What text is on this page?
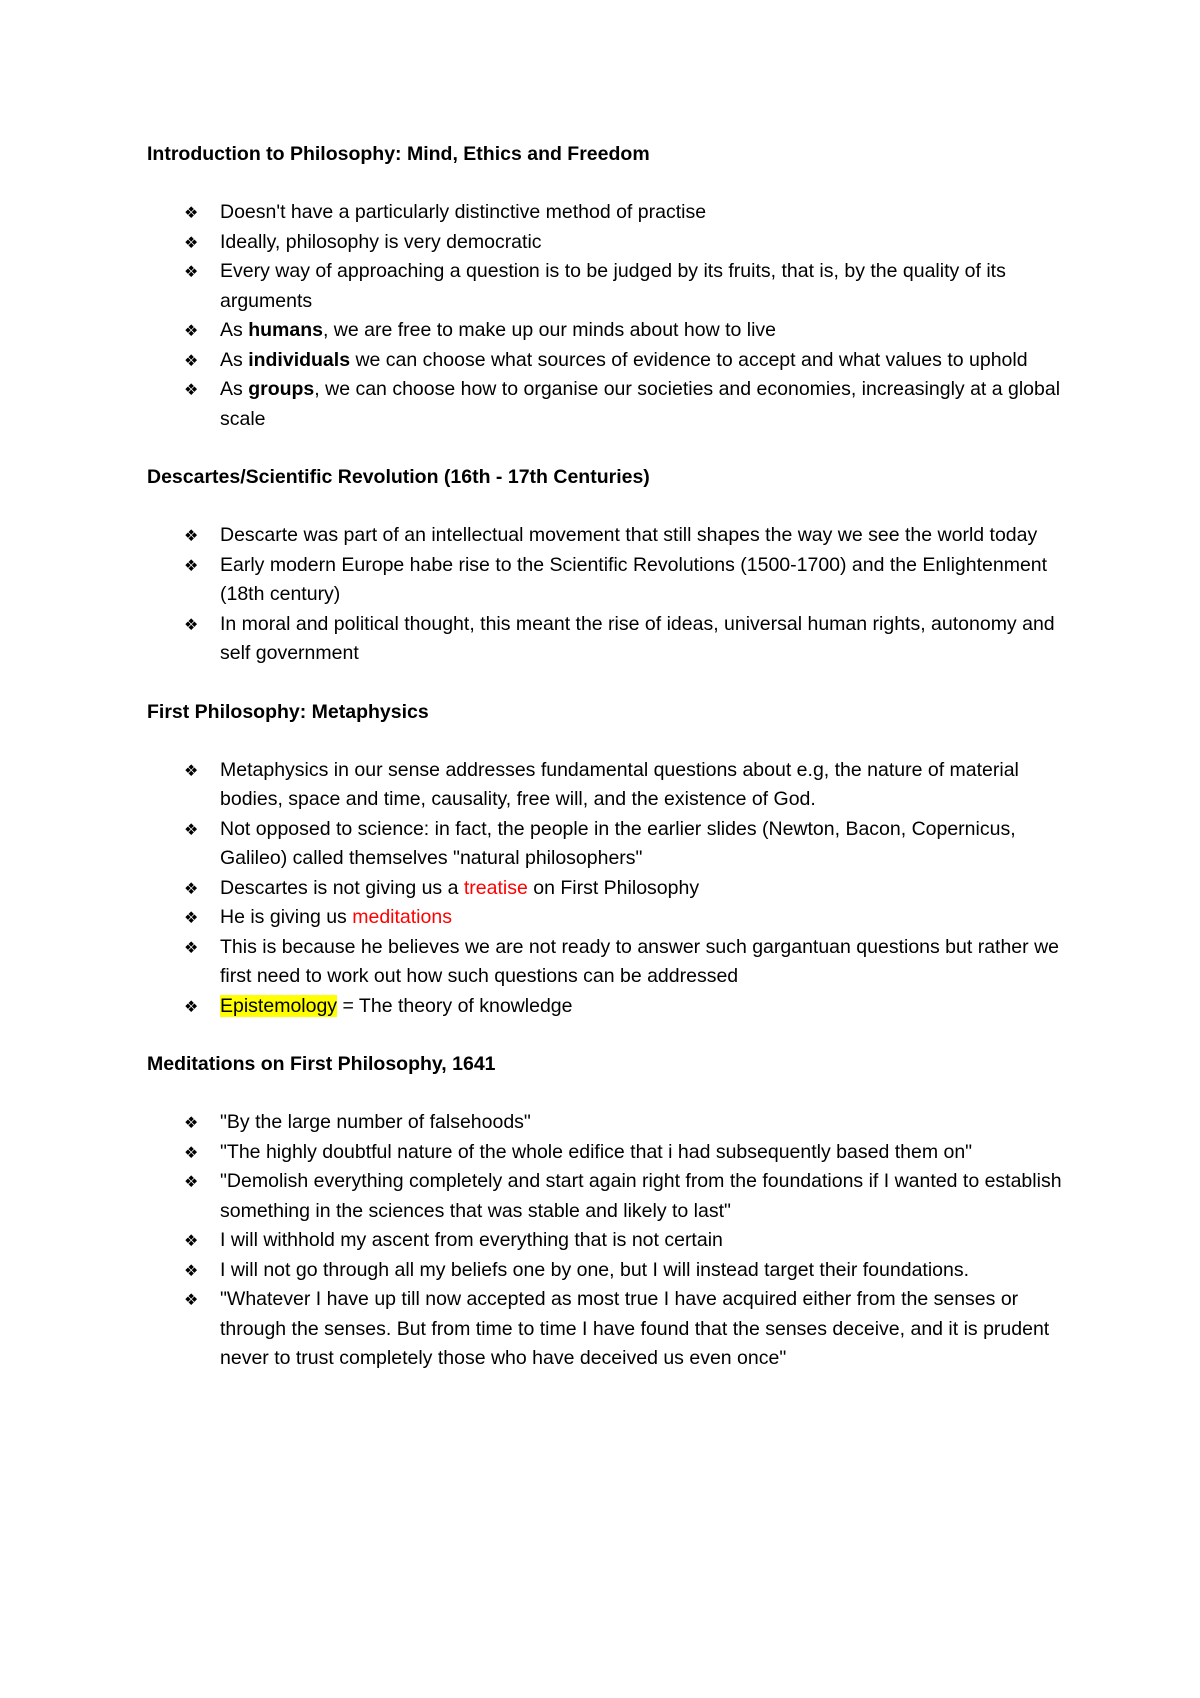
Introduction to Philosophy: Mind, Ethics and Freedom
❖ Doesn't have a particularly distinctive method of practise
❖ Ideally, philosophy is very democratic
❖ Every way of approaching a question is to be judged by its fruits, that is, by the quality of its arguments
❖ As humans, we are free to make up our minds about how to live
❖ As individuals we can choose what sources of evidence to accept and what values to uphold
❖ As groups, we can choose how to organise our societies and economies, increasingly at a global scale
Descartes/Scientific Revolution (16th - 17th Centuries)
❖ Descarte was part of an intellectual movement that still shapes the way we see the world today
❖ Early modern Europe habe rise to the Scientific Revolutions (1500-1700) and the Enlightenment (18th century)
❖ In moral and political thought, this meant the rise of ideas, universal human rights, autonomy and self government
First Philosophy: Metaphysics
❖ Metaphysics in our sense addresses fundamental questions about e.g, the nature of material bodies, space and time, causality, free will, and the existence of God.
❖ Not opposed to science: in fact, the people in the earlier slides (Newton, Bacon, Copernicus, Galileo) called themselves "natural philosophers"
❖ Descartes is not giving us a treatise on First Philosophy
❖ He is giving us meditations
❖ This is because he believes we are not ready to answer such gargantuan questions but rather we first need to work out how such questions can be addressed
❖ Epistemology = The theory of knowledge
Meditations on First Philosophy, 1641
❖ "By the large number of falsehoods"
❖ "The highly doubtful nature of the whole edifice that i had subsequently based them on"
❖ "Demolish everything completely and start again right from the foundations if I wanted to establish something in the sciences that was stable and likely to last"
❖ I will withhold my ascent from everything that is not certain
❖ I will not go through all my beliefs one by one, but I will instead target their foundations.
❖ "Whatever I have up till now accepted as most true I have acquired either from the senses or through the senses. But from time to time I have found that the senses deceive, and it is prudent never to trust completely those who have deceived us even once"
